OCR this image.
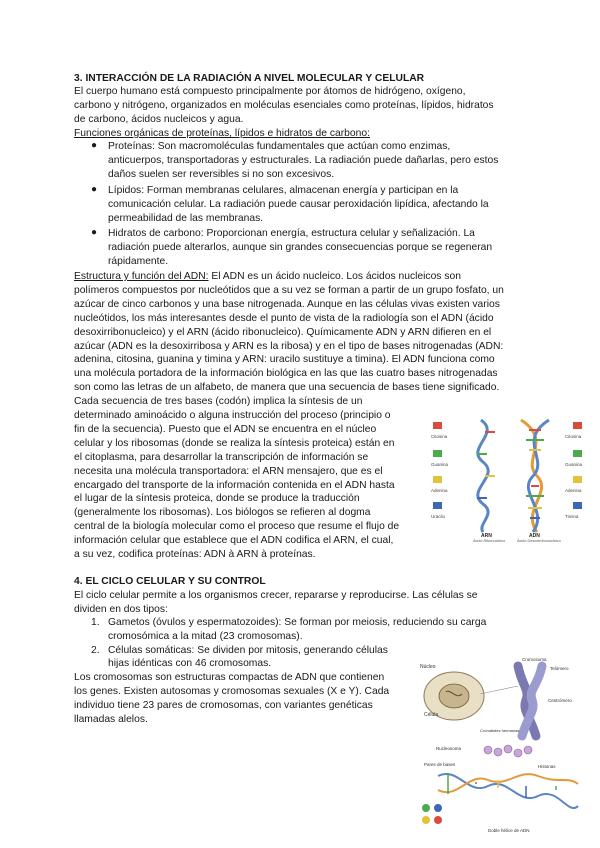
3. INTERACCIÓN DE LA RADIACIÓN A NIVEL MOLECULAR Y CELULAR
El cuerpo humano está compuesto principalmente por átomos de hidrógeno, oxígeno,
carbono y nitrógeno, organizados en moléculas esenciales como proteínas, lípidos, hidratos
de carbono, ácidos nucleicos y agua.
Funciones orgánicas de proteínas, lípidos e hidratos de carbono:
● Proteínas: Son macromoléculas fundamentales que actúan como enzimas,
anticuerpos, transportadoras y estructurales. La radiación puede dañarlas, pero estos
daños suelen ser reversibles si no son excesivos.
● Lípidos: Forman membranas celulares, almacenan energía y participan en la
comunicación celular. La radiación puede causar peroxidación lipídica, afectando la
permeabilidad de las membranas.
● Hidratos de carbono: Proporcionan energía, estructura celular y señalización. La
radiación puede alterarlos, aunque sin grandes consecuencias porque se regeneran
rápidamente.
Estructura y función del ADN: El ADN es un ácido nucleico. Los ácidos nucleicos son
polímeros compuestos por nucleótidos que a su vez se forman a partir de un grupo fosfato, un
azúcar de cinco carbonos y una base nitrogenada. Aunque en las células vivas existen varios
nucleótidos, los más interesantes desde el punto de vista de la radiología son el ADN (ácido
desoxirribonucleico) y el ARN (ácido ribonucleico). Químicamente ADN y ARN difieren en el
azúcar (ADN es la desoxirribosa y ARN es la ribosa) y en el tipo de bases nitrogenadas (ADN:
adenina, citosina, guanina y timina y ARN: uracilo sustituye a timina). El ADN funciona como
una molécula portadora de la información biológica en las que las cuatro bases nitrogenadas
son como las letras de un alfabeto, de manera que una secuencia de bases tiene significado.
Cada secuencia de tres bases (codón) implica la síntesis de un
determinado aminoácido o alguna instrucción del proceso (principio o
fin de la secuencia). Puesto que el ADN se encuentra en el núcleo
celular y los ribosomas (donde se realiza la síntesis proteica) están en
el citoplasma, para desarrollar la transcripción de información se
necesita una molécula transportadora: el ARN mensajero, que es el
encargado del transporte de la información contenida en el ADN hasta
el lugar de la síntesis proteica, donde se produce la traducción
(generalmente los ribosomas). Los biólogos se refieren al dogma
central de la biología molecular como el proceso que resume el flujo de
información celular que establece que el ADN codifica el ARN, el cual,
a su vez, codifica proteínas: ADN à ARN à proteínas.
Citosina
Guanina
Adenina
Uracilo
Citosina
Guanina
Adenina
Timina
ARN
Ácido Ribonucleico
ADN
Ácido Desoxirribonucleico
4. EL CICLO CELULAR Y SU CONTROL
El ciclo celular permite a los organismos crecer, repararse y reproducirse. Las células se
dividen en dos tipos:
1. Gametos (óvulos y espermatozoides): Se forman por meiosis, reduciendo su carga
cromosómica a la mitad (23 cromosomas).
2. Células somáticas: Se dividen por mitosis, generando células
hijas idénticas con 46 cromosomas.
Los cromosomas son estructuras compactas de ADN que contienen
los genes. Existen autosomas y cromosomas sexuales (X e Y). Cada
individuo tiene 23 pares de cromosomas, con variantes genéticas
llamadas alelos.
Núcleo
Célula
Cromosoma
Telómero
Centrómero
Cromátides hermanas
Nucleosoma
Histonas
Pares de bases
Doble hélice de ADN
